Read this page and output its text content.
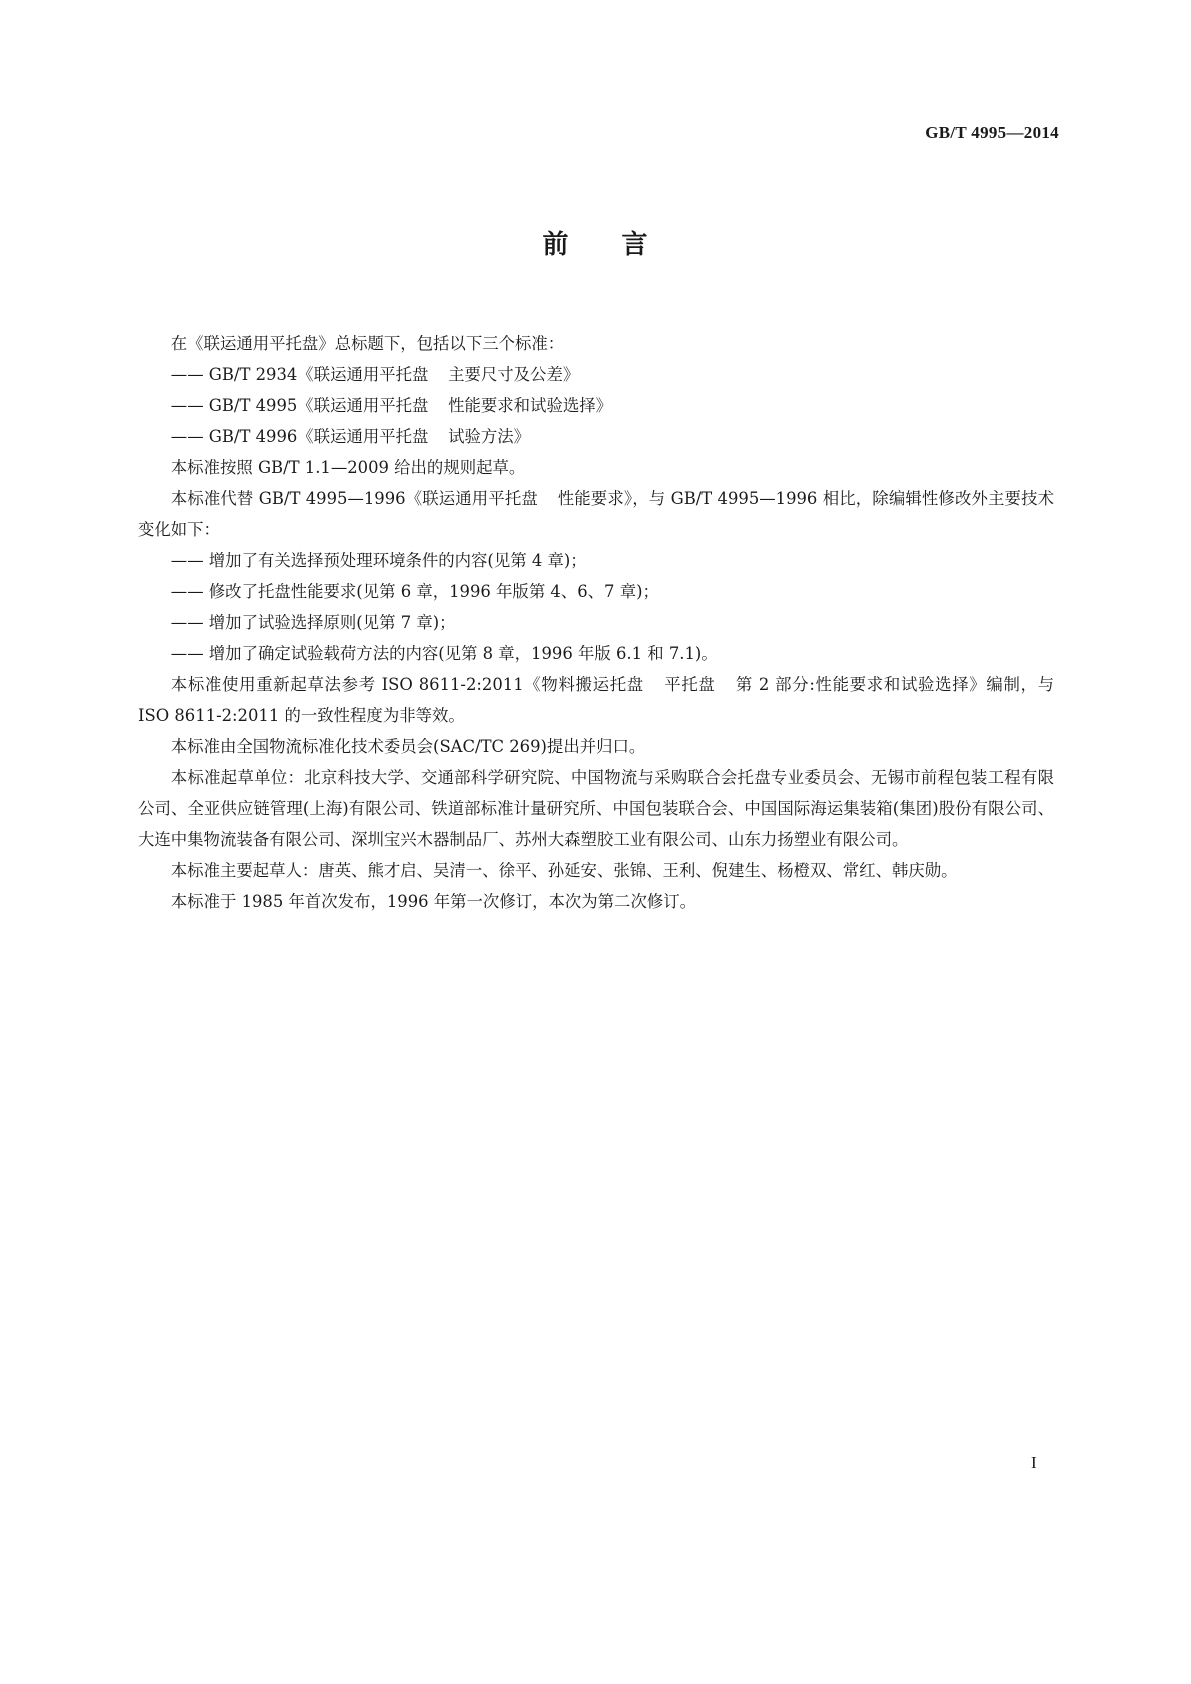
GB/T 4995—2014
前 言

在《联运通用平托盘》总标题下，包括以下三个标准：

—— GB/T 2934《联运通用平托盘 主要尺寸及公差》

—— GB/T 4995《联运通用平托盘 性能要求和试验选择》

—— GB/T 4996《联运通用平托盘 试验方法》

本标准按照 GB/T 1.1—2009 给出的规则起草。

本标准代替 GB/T 4995—1996《联运通用平托盘 性能要求》，与 GB/T 4995—1996 相比，除编辑性修改外主要技术变化如下：

—— 增加了有关选择预处理环境条件的内容(见第 4 章)；

—— 修改了托盘性能要求(见第 6 章，1996 年版第 4、6、7 章)；

—— 增加了试验选择原则(见第 7 章)；

—— 增加了确定试验载荷方法的内容(见第 8 章，1996 年版 6.1 和 7.1)。

本标准使用重新起草法参考 ISO 8611-2:2011《物料搬运托盘 平托盘 第 2 部分:性能要求和试验选择》编制，与 ISO 8611-2:2011 的一致性程度为非等效。

本标准由全国物流标准化技术委员会(SAC/TC 269)提出并归口。

本标准起草单位：北京科技大学、交通部科学研究院、中国物流与采购联合会托盘专业委员会、无锡市前程包装工程有限公司、全亚供应链管理(上海)有限公司、铁道部标准计量研究所、中国包装联合会、中国国际海运集装箱(集团)股份有限公司、大连中集物流装备有限公司、深圳宝兴木器制品厂、苏州大森塑胶工业有限公司、山东力扬塑业有限公司。

本标准主要起草人：唐英、熊才启、吴清一、徐平、孙延安、张锦、王利、倪建生、杨橙双、常红、韩庆勋。

本标准于 1985 年首次发布，1996 年第一次修订，本次为第二次修订。

I
